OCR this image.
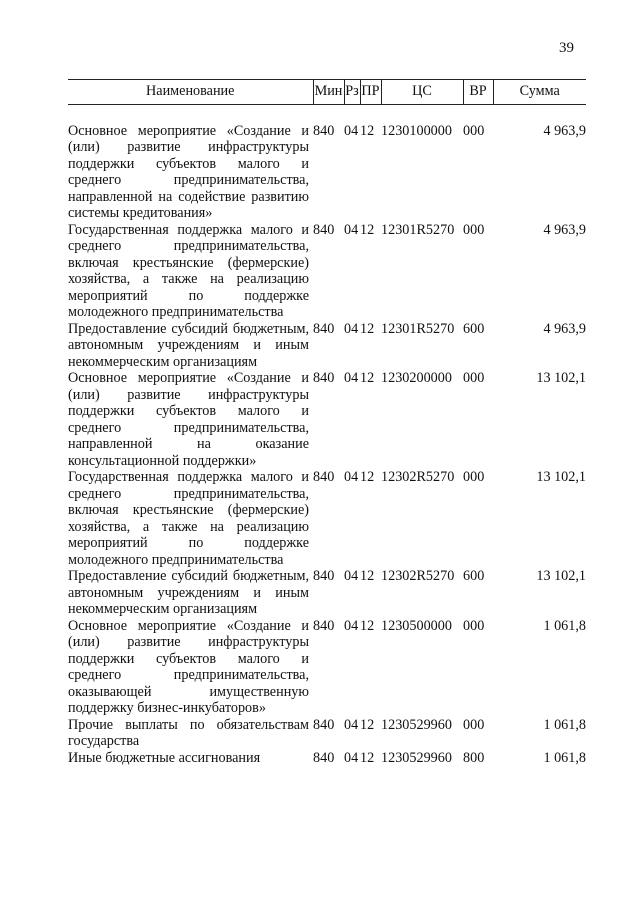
39
Наименование	Мин	Рз	ПР	ЦС	ВР	Сумма

Основное мероприятие «Создание и (или) развитие инфраструктуры поддержки субъектов малого и среднего предпринимательства, направленной на содействие развитию системы кредитования»	840	04	12	1230100000	000	4 963,9
Государственная поддержка малого и среднего предпринимательства, включая крестьянские (фермерские) хозяйства, а также на реализацию мероприятий по поддержке молодежного предпринимательства	840	04	12	12301R5270	000	4 963,9
Предоставление субсидий бюджетным, автономным учреждениям и иным некоммерческим организациям	840	04	12	12301R5270	600	4 963,9
Основное мероприятие «Создание и (или) развитие инфраструктуры поддержки субъектов малого и среднего предпринимательства, направленной на оказание консультационной поддержки»	840	04	12	1230200000	000	13 102,1
Государственная поддержка малого и среднего предпринимательства, включая крестьянские (фермерские) хозяйства, а также на реализацию мероприятий по поддержке молодежного предпринимательства	840	04	12	12302R5270	000	13 102,1
Предоставление субсидий бюджетным, автономным учреждениям и иным некоммерческим организациям	840	04	12	12302R5270	600	13 102,1
Основное мероприятие «Создание и (или) развитие инфраструктуры поддержки субъектов малого и среднего предпринимательства, оказывающей имущественную поддержку бизнес-инкубаторов»	840	04	12	1230500000	000	1 061,8
Прочие выплаты по обязательствам государства	840	04	12	1230529960	000	1 061,8
Иные бюджетные ассигнования	840	04	12	1230529960	800	1 061,8
